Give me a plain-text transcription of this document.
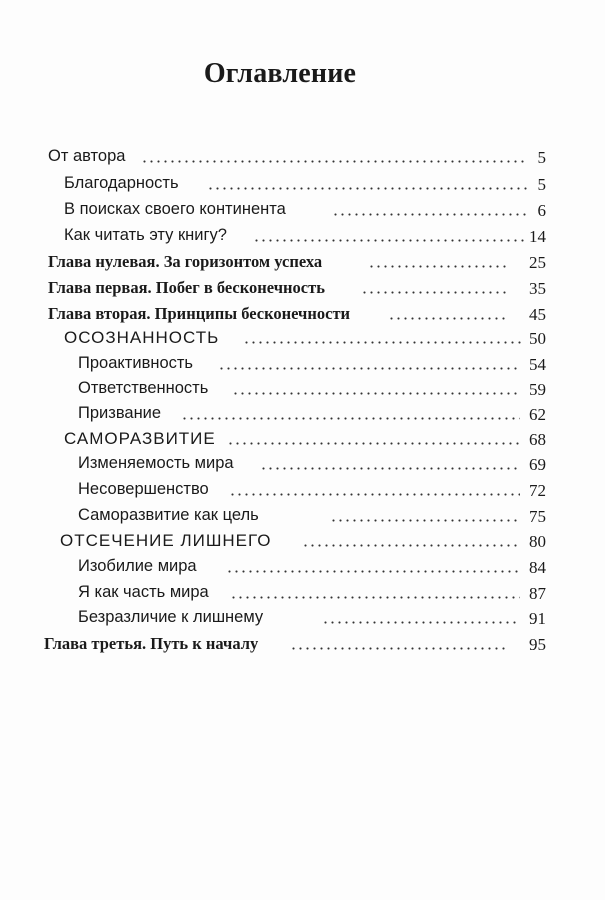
Оглавление
От автора	5
Благодарность	5
В поисках своего континента	6
Как читать эту книгу?	14
Глава нулевая. За горизонтом успеха	25
Глава первая. Побег в бесконечность	35
Глава вторая. Принципы бесконечности	45
ОСОЗНАННОСТЬ	50
Проактивность	54
Ответственность	59
Призвание	62
САМОРАЗВИТИЕ	68
Изменяемость мира	69
Несовершенство	72
Саморазвитие как цель	75
ОТСЕЧЕНИЕ ЛИШНЕГО	80
Изобилие мира	84
Я как часть мира	87
Безразличие к лишнему	91
Глава третья. Путь к началу	95
